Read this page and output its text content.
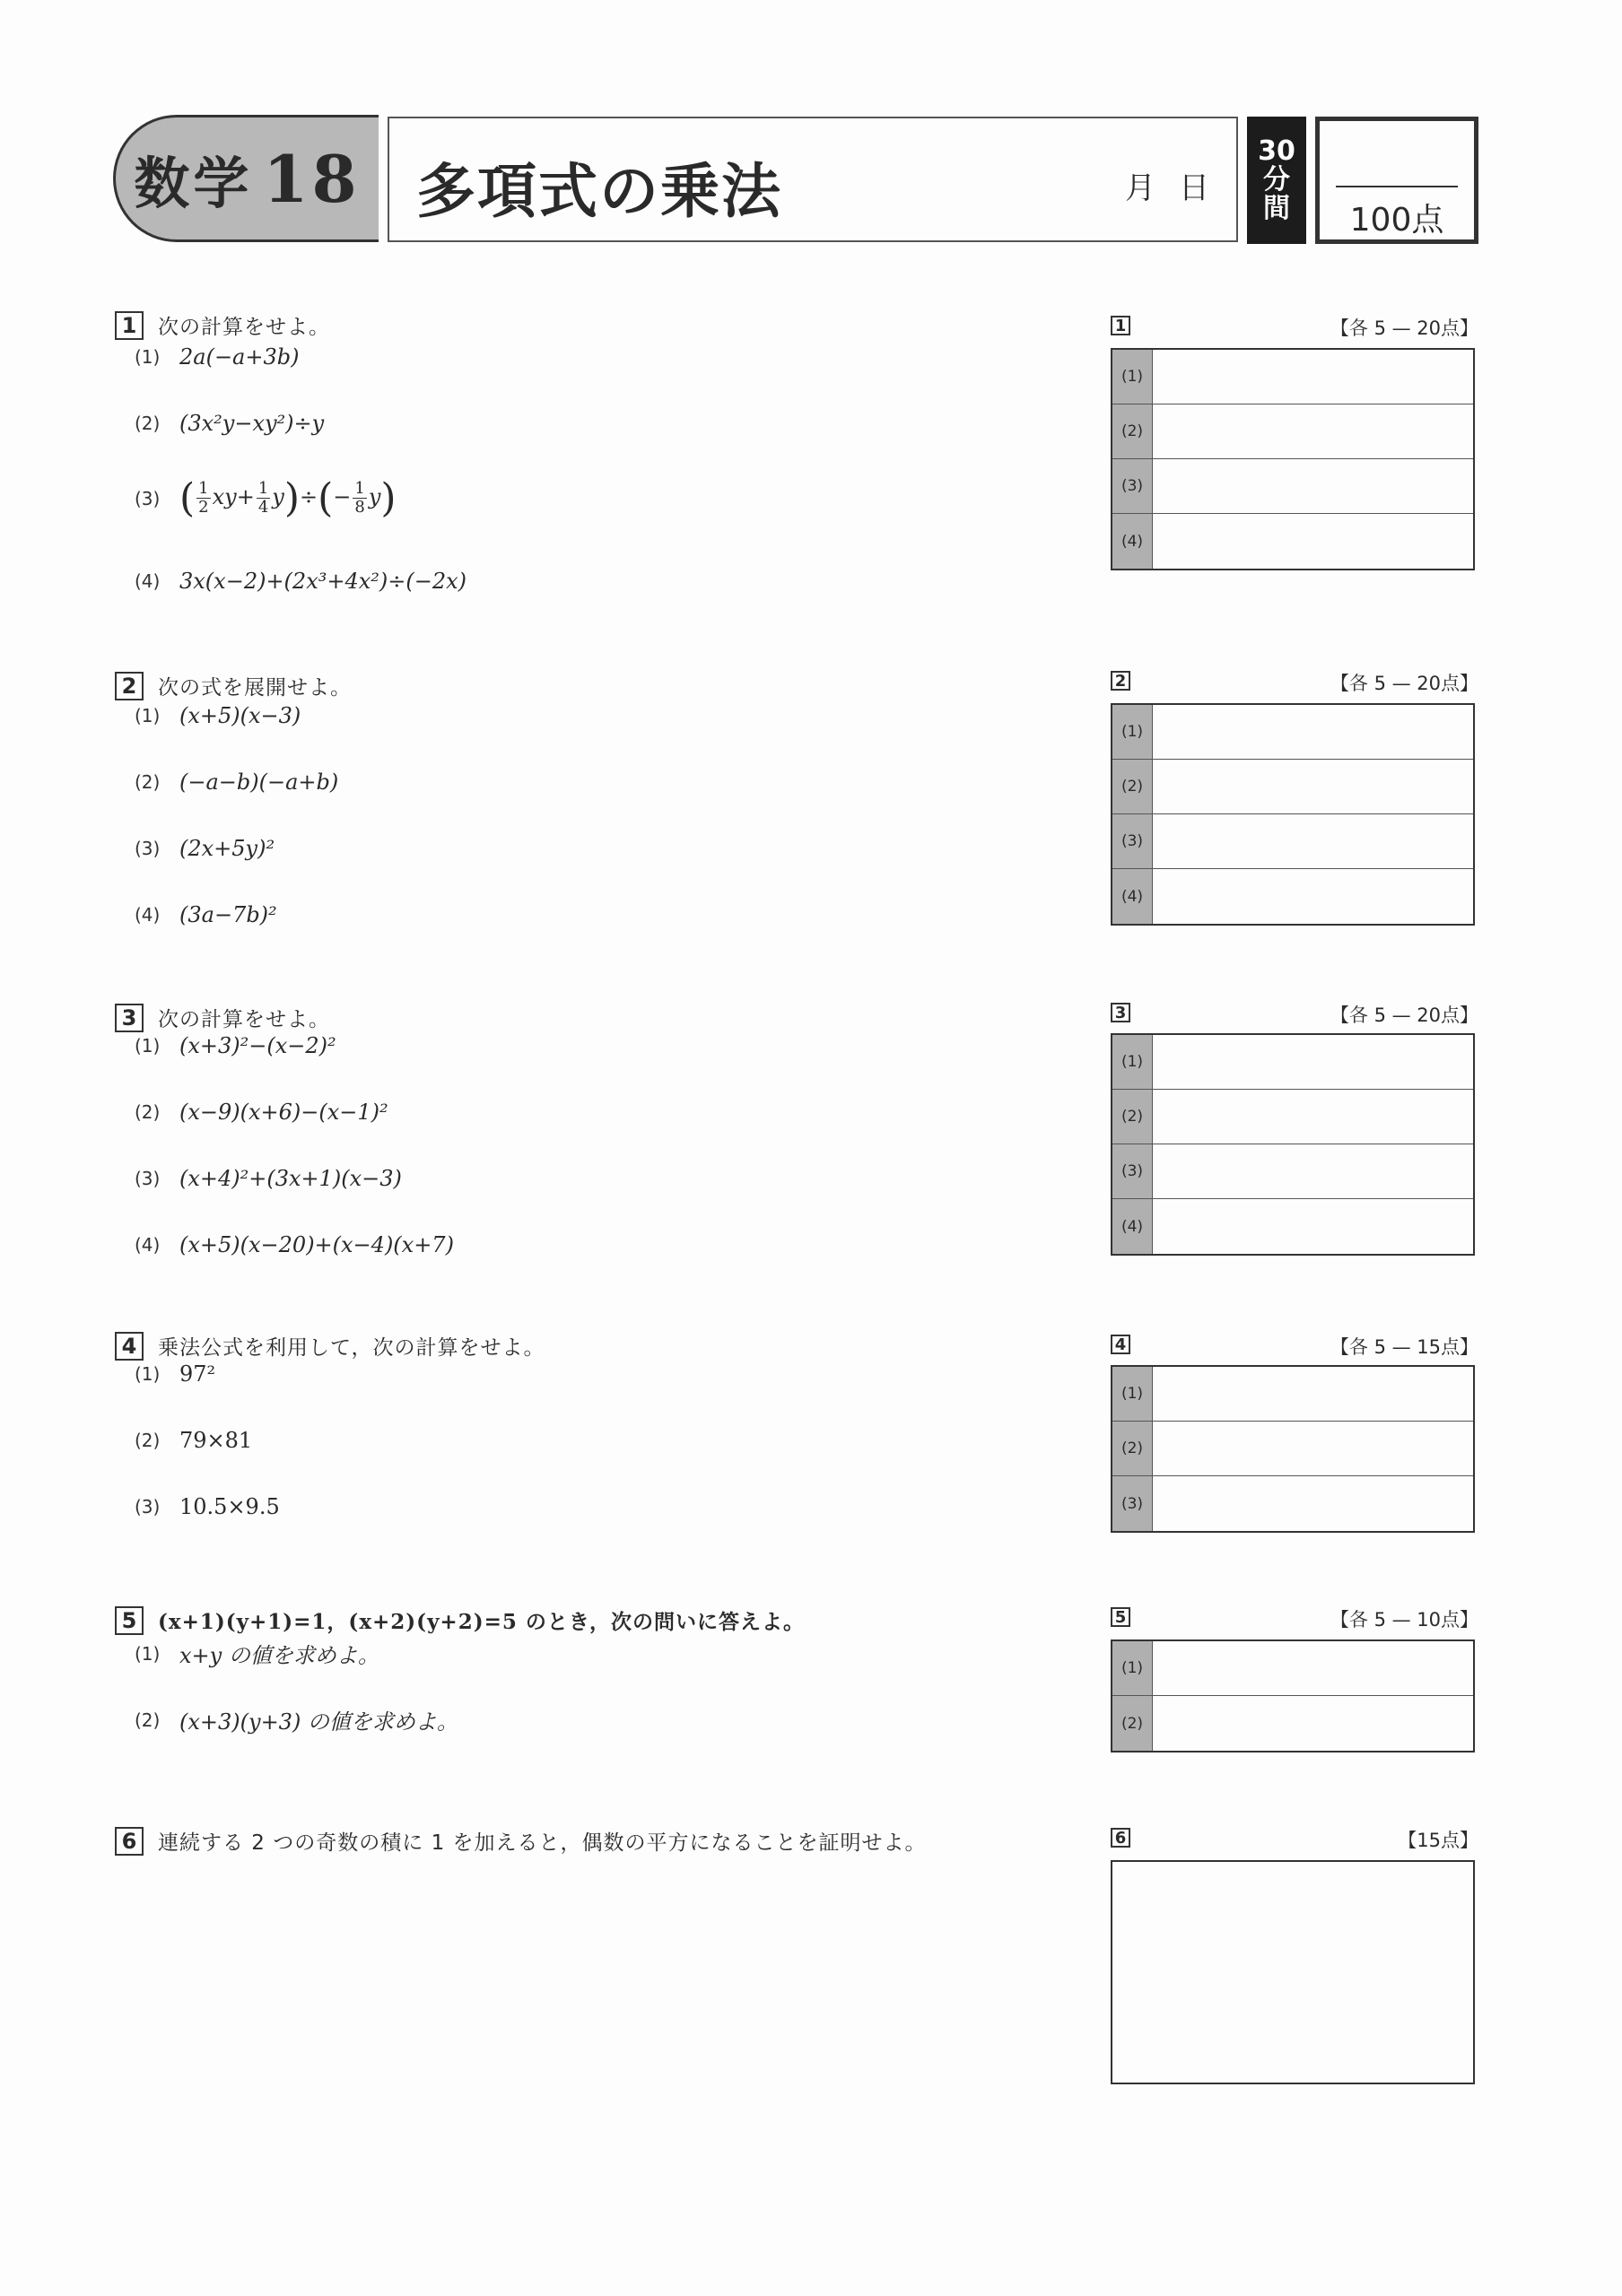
数学 18 多項式の乗法	月 日
30
分
間	100点
1	次の計算をせよ。
(1) 2a(−a+3b)
(2) (3x²y−xy²)÷y
(3) ( $\frac{1}{2} xy+ \frac{1}{4} y)\div(- \frac{1}{8} y)$
(4) 3x(x−2)+(2x³+4x²)÷(−2x)
2	次の式を展開せよ。
(1) (x+5)(x−3)
(2) (−a−b)(−a+b)
(3) (2x+5y)²
(4) (3a−7b)²
3	次の計算をせよ。
(1) (x+3)²−(x−2)²
(2) (x−9)(x+6)−(x−1)²
(3) (x+4)²+(3x+1)(x−3)
(4) (x+5)(x−20)+(x−4)(x+7)
4	乗法公式を利用して，次の計算をせよ。
(1) 97²
(2) 79×81
(3) 10.5×9.5
5	(x+1)(y+1)=1，(x+2)(y+2)=5 のとき，次の問いに答えよ。
(1) x+y の値を求めよ。
(2) (x+3)(y+3) の値を求めよ。
6	連続する 2 つの奇数の積に 1 を加えると，偶数の平方になることを証明せよ。
1	【各 5 — 20点】
(1)
(2)
(3)
(4)
2	【各 5 — 20点】
(1)
(2)
(3)
(4)
3	【各 5 — 20点】
(1)
(2)
(3)
(4)
4	【各 5 — 15点】
(1)
(2)
(3)
5	【各 5 — 10点】
(1)
(2)
6	【15点】
